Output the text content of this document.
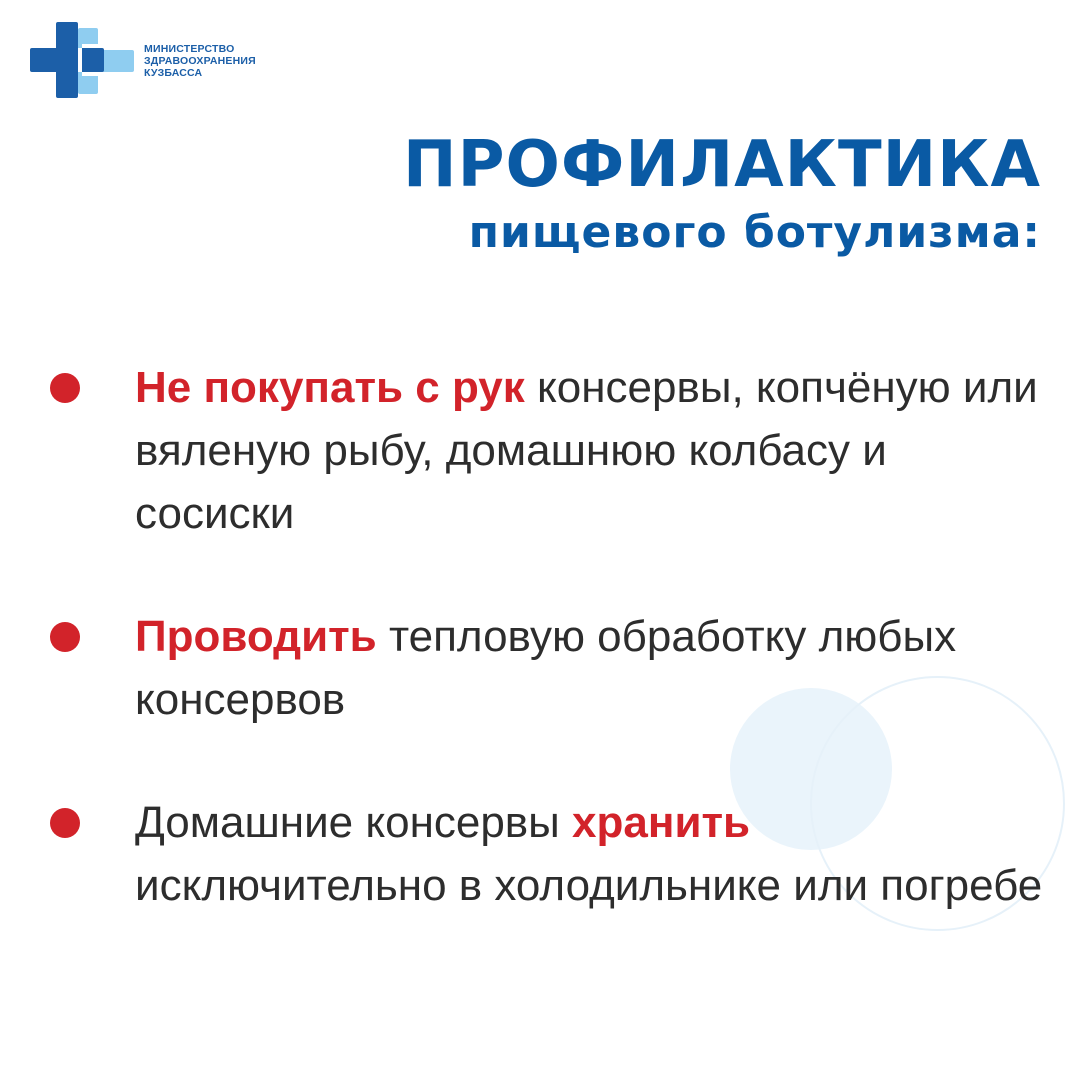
МИНИСТЕРСТВО
ЗДРАВООХРАНЕНИЯ
КУЗБАССА
ПРОФИЛАКТИКА
пищевого ботулизма:
Не покупать с рук консервы, копчёную или вяленую рыбу, домашнюю колбасу и сосиски
Проводить тепловую обработку любых консервов
Домашние консервы хранить исключительно в холодильнике или погребе
